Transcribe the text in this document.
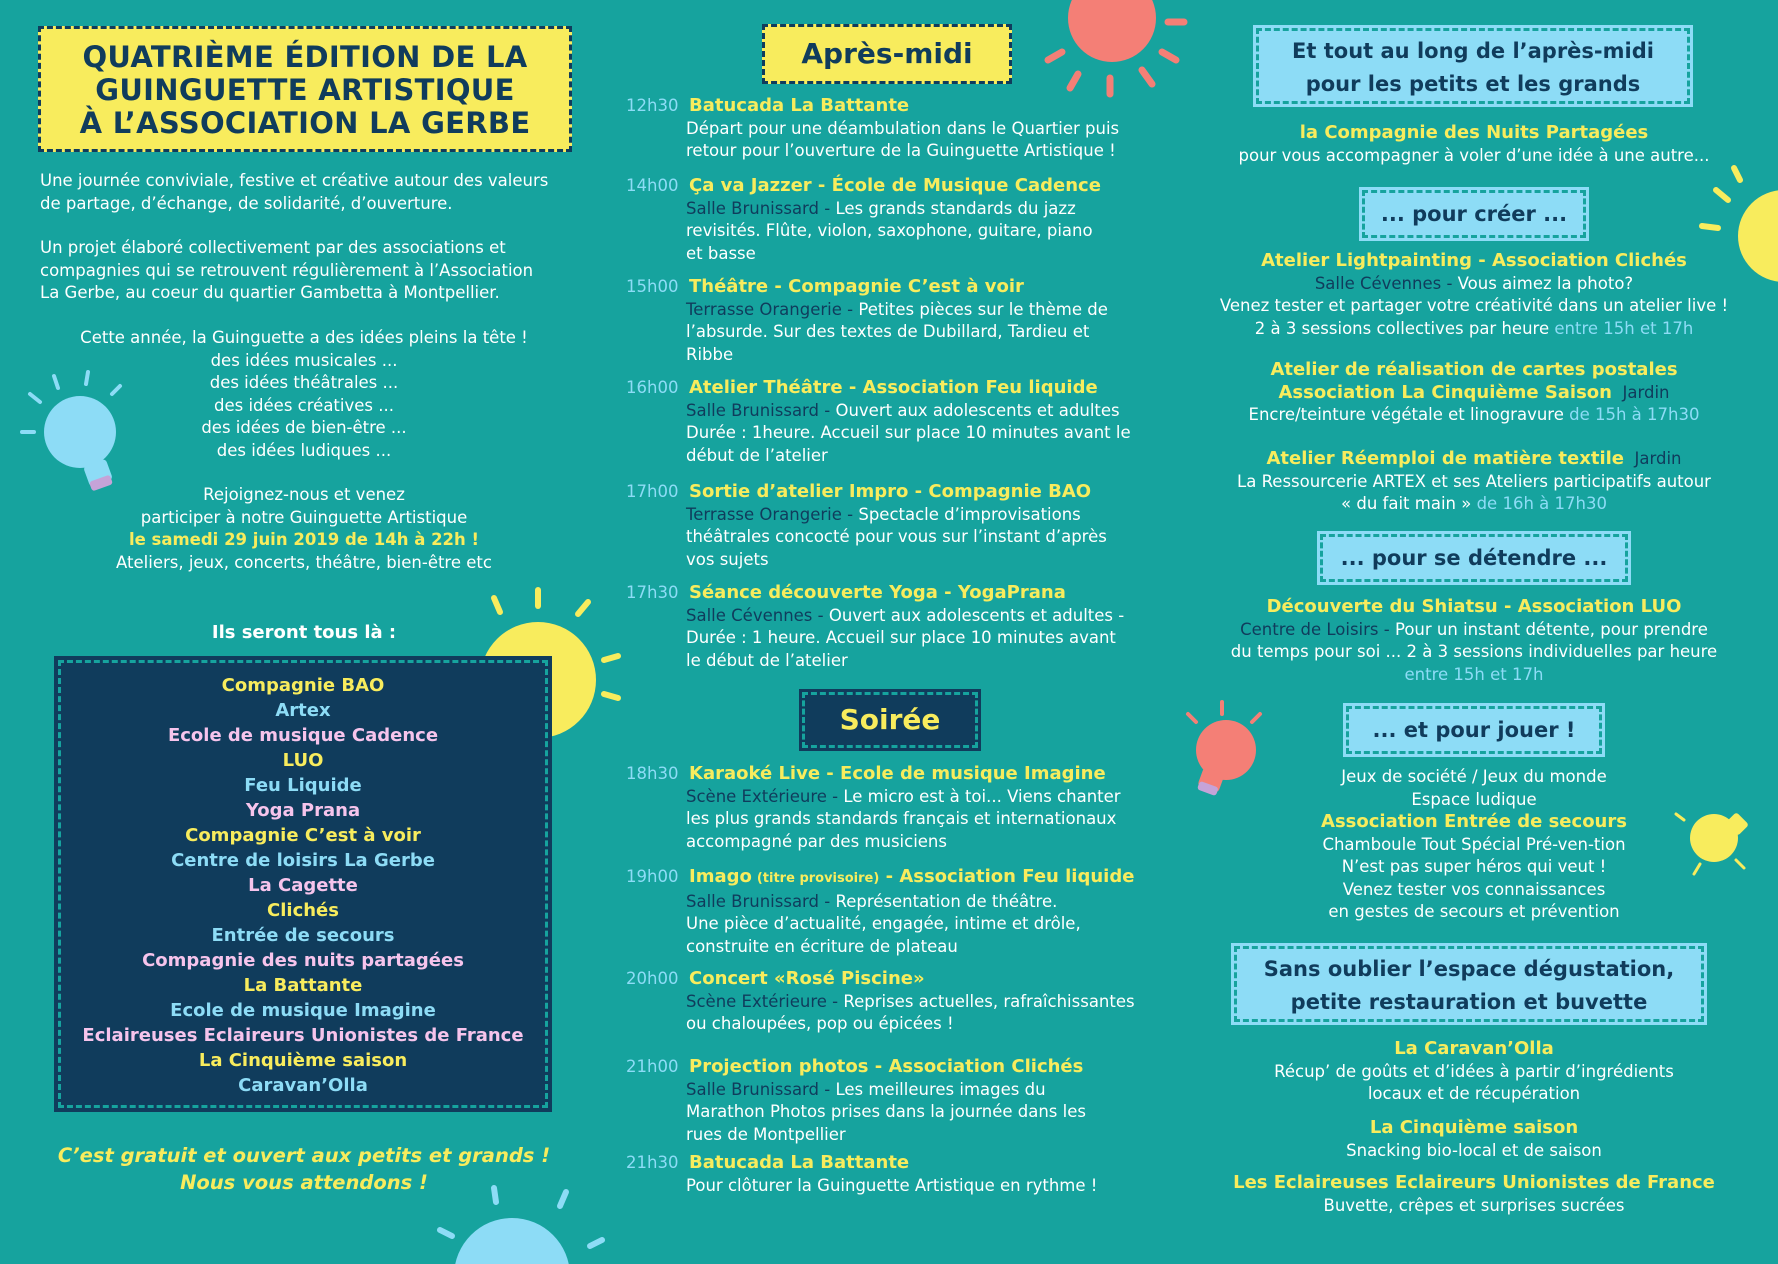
QUATRIÈME ÉDITION DE LA
GUINGUETTE ARTISTIQUE
À L’ASSOCIATION LA GERBE
Une journée conviviale, festive et créative autour des valeurs
de partage, d’échange, de solidarité, d’ouverture.
Un projet élaboré collectivement par des associations et
compagnies qui se retrouvent régulièrement à l’Association
La Gerbe, au coeur du quartier Gambetta à Montpellier.
Cette année, la Guinguette a des idées pleins la tête !
des idées musicales ...
des idées théâtrales ...
des idées créatives ...
des idées de bien-être ...
des idées ludiques ...
Rejoignez-nous et venez
participer à notre Guinguette Artistique
le samedi 29 juin 2019 de 14h à 22h !
Ateliers, jeux, concerts, théâtre, bien-être etc
Ils seront tous là :
Compagnie BAO
Artex
Ecole de musique Cadence
LUO
Feu Liquide
Yoga Prana
Compagnie C’est à voir
Centre de loisirs La Gerbe
La Cagette
Clichés
Entrée de secours
Compagnie des nuits partagées
La Battante
Ecole de musique Imagine
Eclaireuses Eclaireurs Unionistes de France
La Cinquième saison
Caravan’Olla
C’est gratuit et ouvert aux petits et grands !
Nous vous attendons !
Après-midi
12h30 Batucada La Battante
Départ pour une déambulation dans le Quartier puis
retour pour l’ouverture de la Guinguette Artistique !
14h00 Ça va Jazzer - École de Musique Cadence
Salle Brunissard - Les grands standards du jazz
revisités. Flûte, violon, saxophone, guitare, piano
et basse
15h00 Théâtre - Compagnie C’est à voir
Terrasse Orangerie - Petites pièces sur le thème de
l’absurde. Sur des textes de Dubillard, Tardieu et
Ribbe
16h00 Atelier Théâtre - Association Feu liquide
Salle Brunissard - Ouvert aux adolescents et adultes
Durée : 1heure. Accueil sur place 10 minutes avant le
début de l’atelier
17h00 Sortie d’atelier Impro - Compagnie BAO
Terrasse Orangerie - Spectacle d’improvisations
théâtrales concocté pour vous sur l’instant d’après
vos sujets
17h30 Séance découverte Yoga - YogaPrana
Salle Cévennes - Ouvert aux adolescents et adultes -
Durée : 1 heure. Accueil sur place 10 minutes avant
le début de l’atelier
Soirée
18h30 Karaoké Live - Ecole de musique Imagine
Scène Extérieure - Le micro est à toi... Viens chanter
les plus grands standards français et internationaux
accompagné par des musiciens
19h00 Imago (titre provisoire) - Association Feu liquide
Salle Brunissard - Représentation de théâtre.
Une pièce d’actualité, engagée, intime et drôle,
construite en écriture de plateau
20h00 Concert «Rosé Piscine»
Scène Extérieure - Reprises actuelles, rafraîchissantes
ou chaloupées, pop ou épicées !
21h00 Projection photos - Association Clichés
Salle Brunissard - Les meilleures images du
Marathon Photos prises dans la journée dans les
rues de Montpellier
21h30 Batucada La Battante
Pour clôturer la Guinguette Artistique en rythme !
Et tout au long de l’après-midi
pour les petits et les grands
la Compagnie des Nuits Partagées
pour vous accompagner à voler d’une idée à une autre...
... pour créer ...
Atelier Lightpainting - Association Clichés
Salle Cévennes - Vous aimez la photo?
Venez tester et partager votre créativité dans un atelier live !
2 à 3 sessions collectives par heure entre 15h et 17h
Atelier de réalisation de cartes postales
Association La Cinquième Saison Jardin
Encre/teinture végétale et linogravure de 15h à 17h30
Atelier Réemploi de matière textile Jardin
La Ressourcerie ARTEX et ses Ateliers participatifs autour
« du fait main » de 16h à 17h30
... pour se détendre ...
Découverte du Shiatsu - Association LUO
Centre de Loisirs - Pour un instant détente, pour prendre
du temps pour soi ... 2 à 3 sessions individuelles par heure
entre 15h et 17h
... et pour jouer !
Jeux de société / Jeux du monde
Espace ludique
Association Entrée de secours
Chamboule Tout Spécial Pré-ven-tion
N’est pas super héros qui veut !
Venez tester vos connaissances
en gestes de secours et prévention
Sans oublier l’espace dégustation,
petite restauration et buvette
La Caravan’Olla
Récup’ de goûts et d’idées à partir d’ingrédients
locaux et de récupération
La Cinquième saison
Snacking bio-local et de saison
Les Eclaireuses Eclaireurs Unionistes de France
Buvette, crêpes et surprises sucrées
